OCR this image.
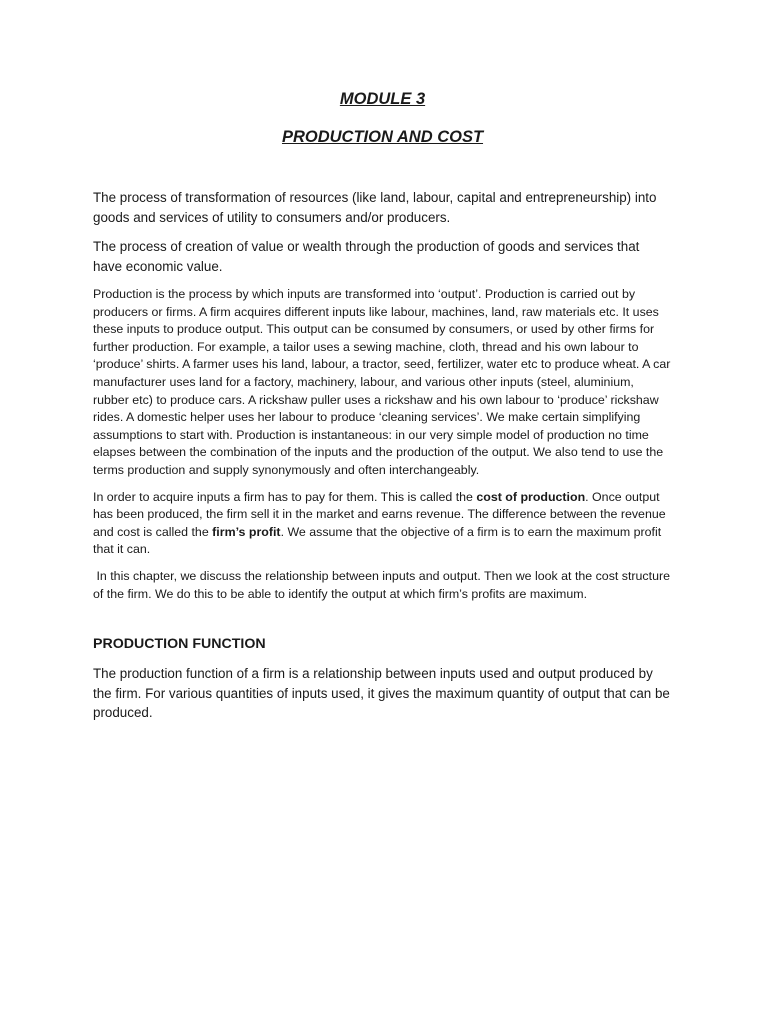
MODULE 3
PRODUCTION AND COST

The process of transformation of resources (like land, labour, capital and entrepreneurship) into goods and services of utility to consumers and/or producers.

The process of creation of value or wealth through the production of goods and services that have economic value.

Production is the process by which inputs are transformed into ‘output’. Production is carried out by producers or firms. A firm acquires different inputs like labour, machines, land, raw materials etc. It uses these inputs to produce output. This output can be consumed by consumers, or used by other firms for further production. For example, a tailor uses a sewing machine, cloth, thread and his own labour to ‘produce’ shirts. A farmer uses his land, labour, a tractor, seed, fertilizer, water etc to produce wheat. A car manufacturer uses land for a factory, machinery, labour, and various other inputs (steel, aluminium, rubber etc) to produce cars. A rickshaw puller uses a rickshaw and his own labour to ‘produce’ rickshaw rides. A domestic helper uses her labour to produce ‘cleaning services’. We make certain simplifying assumptions to start with. Production is instantaneous: in our very simple model of production no time elapses between the combination of the inputs and the production of the output. We also tend to use the terms production and supply synonymously and often interchangeably.

In order to acquire inputs a firm has to pay for them. This is called the cost of production. Once output has been produced, the firm sell it in the market and earns revenue. The difference between the revenue and cost is called the firm’s profit. We assume that the objective of a firm is to earn the maximum profit that it can.

In this chapter, we discuss the relationship between inputs and output. Then we look at the cost structure of the firm. We do this to be able to identify the output at which firm’s profits are maximum.

PRODUCTION FUNCTION

The production function of a firm is a relationship between inputs used and output produced by the firm. For various quantities of inputs used, it gives the maximum quantity of output that can be produced.
